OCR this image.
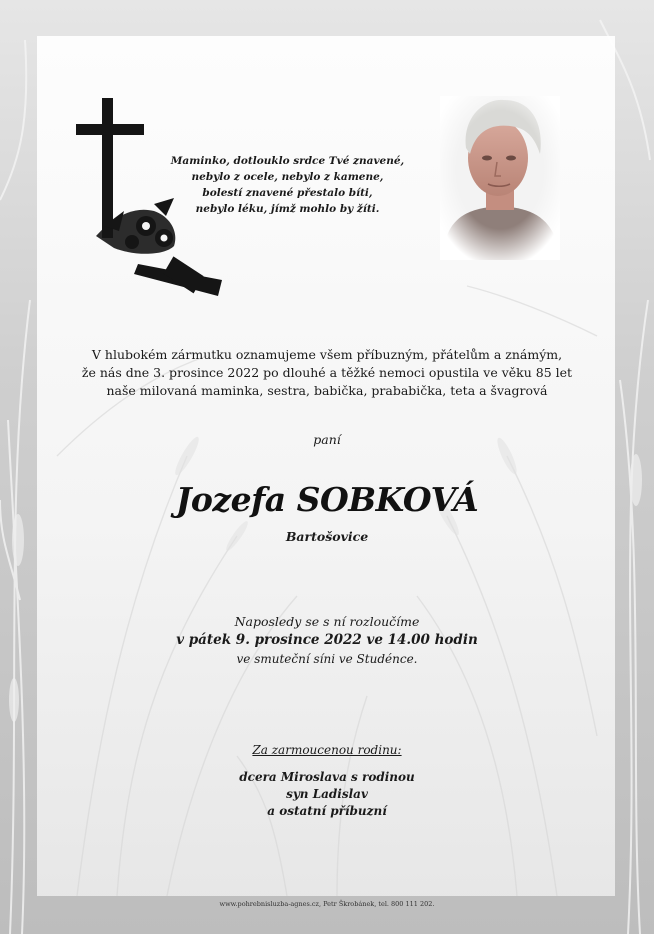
Maminko, dotlouklo srdce Tvé znavené,
nebylo z ocele, nebylo z kamene,
bolestí znavené přestalo bíti,
nebylo léku, jímž mohlo by žíti.
V hlubokém zármutku oznamujeme všem příbuzným, přátelům a známým,
že nás dne 3. prosince 2022 po dlouhé a těžké nemoci opustila ve věku 85 let
naše milovaná maminka, sestra, babička, prababička, teta a švagrová
paní
Jozefa SOBKOVÁ
Bartošovice
Naposledy se s ní rozloučíme
v pátek 9. prosince 2022 ve 14.00 hodin
ve smuteční síni ve Studénce.
Za zarmoucenou rodinu:
dcera Miroslava s rodinou
syn Ladislav
a ostatní příbuzní
www.pohrebnisluzba-agnes.cz, Petr Škrobánek, tel. 800 111 202.
